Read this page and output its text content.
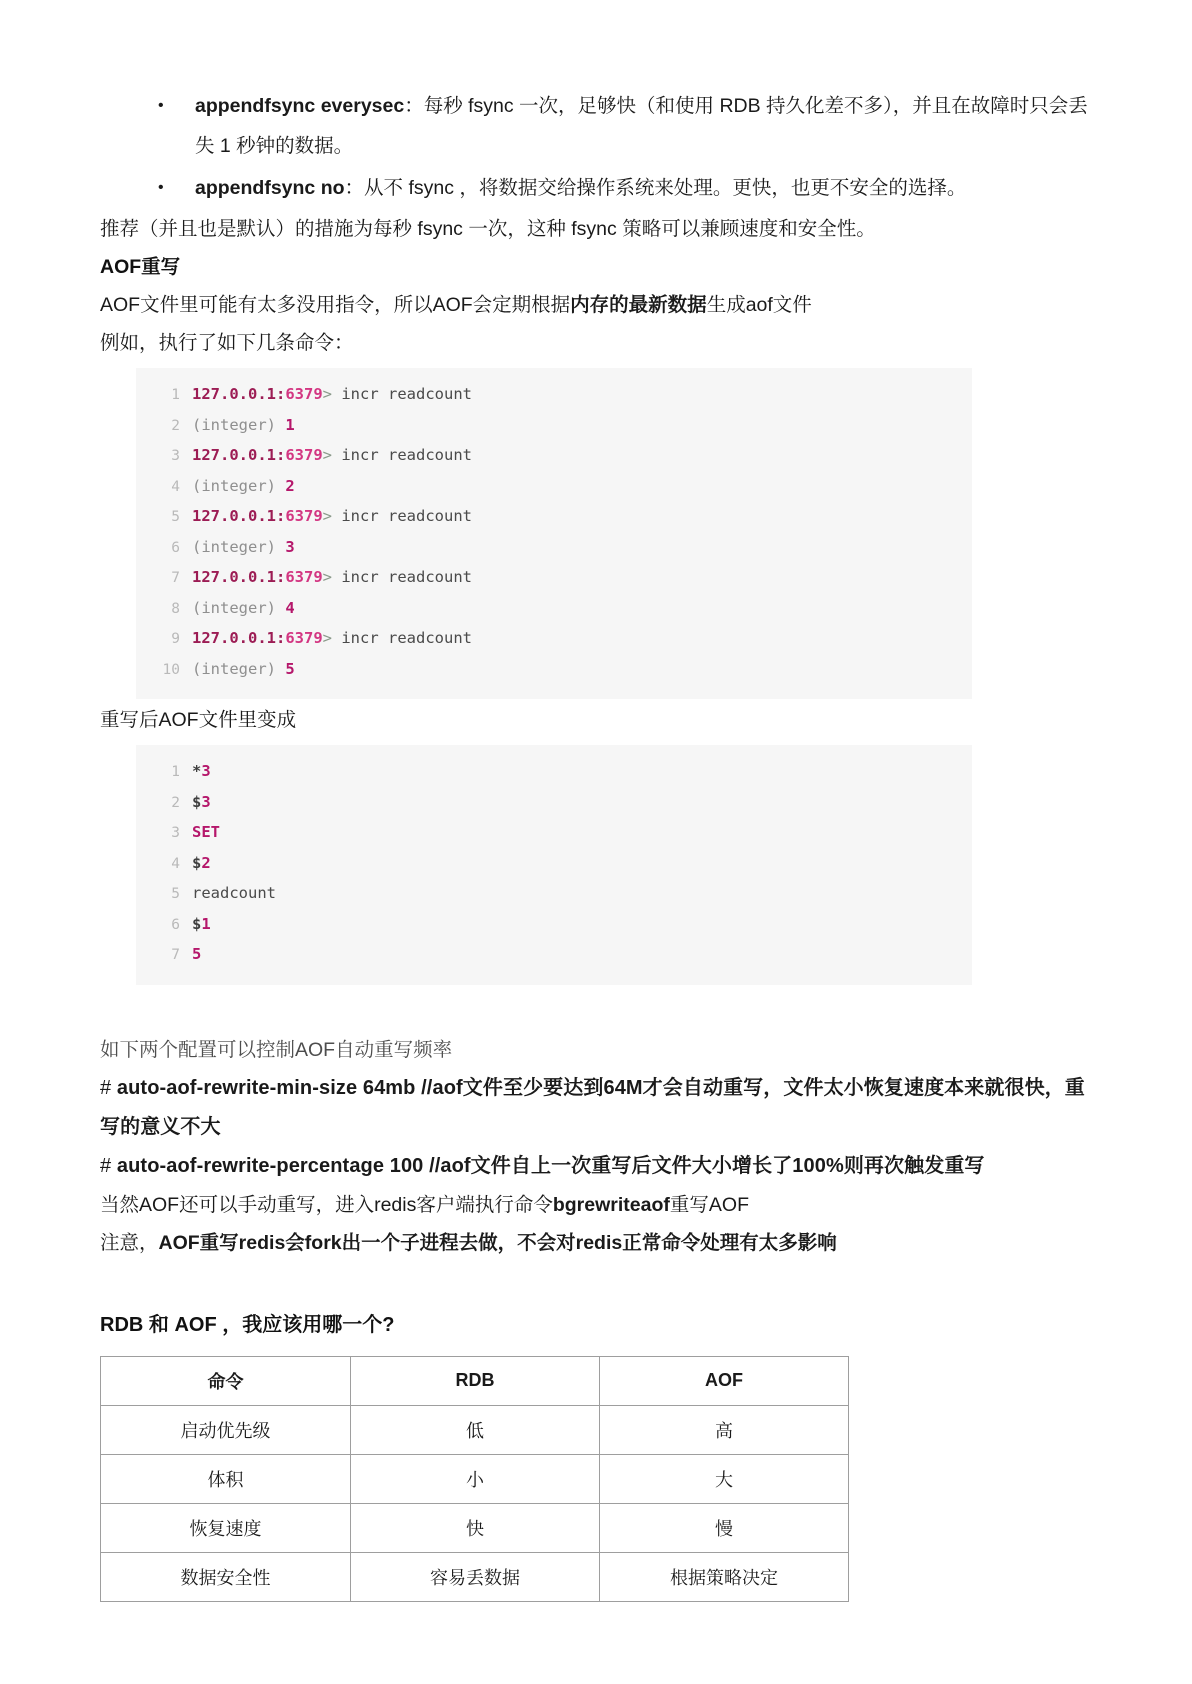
• appendfsync everysec：每秒 fsync 一次，足够快（和使用 RDB 持久化差不多），并且在故障时只会丢失 1 秒钟的数据。
• appendfsync no：从不 fsync ，将数据交给操作系统来处理。更快，也更不安全的选择。

推荐（并且也是默认）的措施为每秒 fsync 一次，这种 fsync 策略可以兼顾速度和安全性。

AOF重写

AOF文件里可能有太多没用指令，所以AOF会定期根据内存的最新数据生成aof文件

例如，执行了如下几条命令：

1 127.0.0.1:6379> incr readcount
2 (integer) 1
3 127.0.0.1:6379> incr readcount
4 (integer) 2
5 127.0.0.1:6379> incr readcount
6 (integer) 3
7 127.0.0.1:6379> incr readcount
8 (integer) 4
9 127.0.0.1:6379> incr readcount
10 (integer) 5

重写后AOF文件里变成

1 *3
2 $3
3 SET
4 $2
5 readcount
6 $1
7 5

如下两个配置可以控制AOF自动重写频率

# auto-aof-rewrite-min-size 64mb //aof文件至少要达到64M才会自动重写，文件太小恢复速度本来就很快，重写的意义不大

# auto-aof-rewrite-percentage 100 //aof文件自上一次重写后文件大小增长了100%则再次触发重写

当然AOF还可以手动重写，进入redis客户端执行命令bgrewriteaof重写AOF

注意，AOF重写redis会fork出一个子进程去做，不会对redis正常命令处理有太多影响

RDB 和 AOF ，我应该用哪一个?

命令	RDB	AOF
启动优先级	低	高
体积	小	大
恢复速度	快	慢
数据安全性	容易丢数据	根据策略决定
